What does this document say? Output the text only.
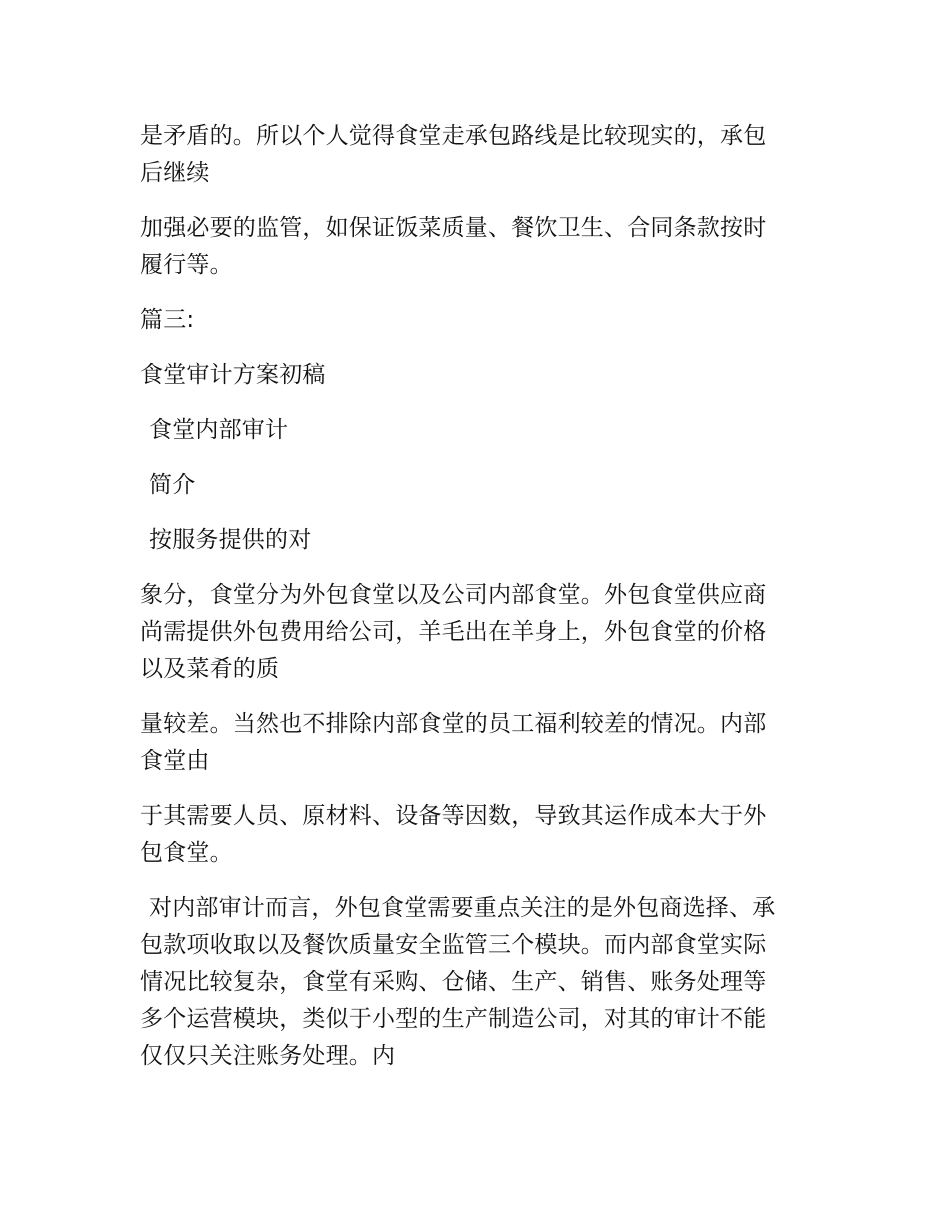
是矛盾的。所以个人觉得食堂走承包路线是比较现实的，承包
后继续

加强必要的监管，如保证饭菜质量、餐饮卫生、合同条款按时
履行等。

篇三:

食堂审计方案初稿

食堂内部审计

简介

按服务提供的对

象分，食堂分为外包食堂以及公司内部食堂。外包食堂供应商
尚需提供外包费用给公司，羊毛出在羊身上，外包食堂的价格
以及菜肴的质

量较差。当然也不排除内部食堂的员工福利较差的情况。内部
食堂由

于其需要人员、原材料、设备等因数，导致其运作成本大于外
包食堂。

对内部审计而言，外包食堂需要重点关注的是外包商选择、承
包款项收取以及餐饮质量安全监管三个模块。而内部食堂实际
情况比较复杂，食堂有采购、仓储、生产、销售、账务处理等
多个运营模块，类似于小型的生产制造公司，对其的审计不能
仅仅只关注账务处理。内
